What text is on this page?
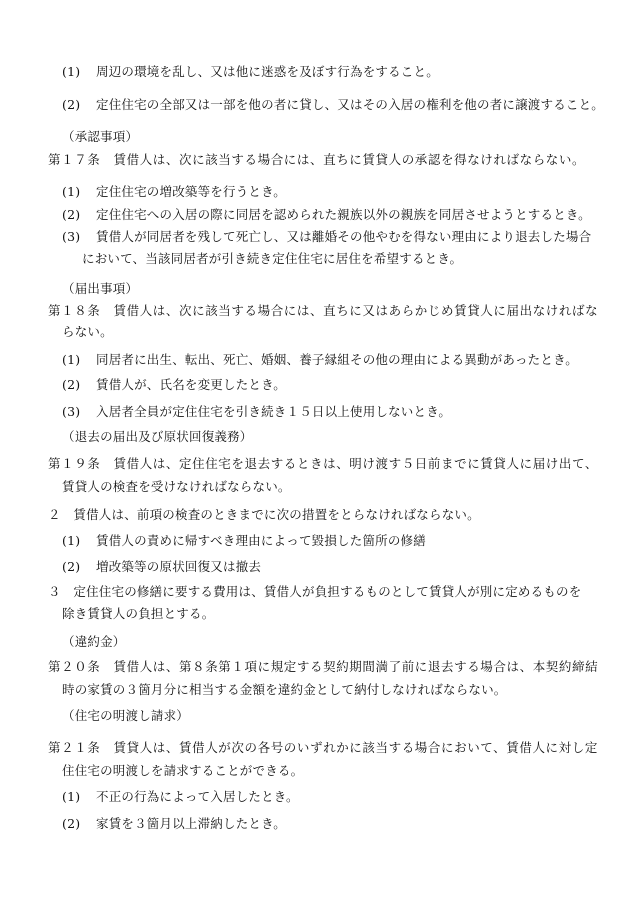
(1) 周辺の環境を乱し、又は他に迷惑を及ぼす行為をすること。
(2) 定住住宅の全部又は一部を他の者に貸し、又はその入居の権利を他の者に譲渡すること。
（承認事項）
第１７条　賃借人は、次に該当する場合には、直ちに賃貸人の承認を得なければならない。
(1) 定住住宅の増改築等を行うとき。
(2) 定住住宅への入居の際に同居を認められた親族以外の親族を同居させようとするとき。
(3) 賃借人が同居者を残して死亡し、又は離婚その他やむを得ない理由により退去した場合
において、当該同居者が引き続き定住住宅に居住を希望するとき。
（届出事項）
第１８条　賃借人は、次に該当する場合には、直ちに又はあらかじめ賃貸人に届出なければな
らない。
(1) 同居者に出生、転出、死亡、婚姻、養子縁組その他の理由による異動があったとき。
(2) 賃借人が、氏名を変更したとき。
(3) 入居者全員が定住住宅を引き続き１５日以上使用しないとき。
（退去の届出及び原状回復義務）
第１９条　賃借人は、定住住宅を退去するときは、明け渡す５日前までに賃貸人に届け出て、
賃貸人の検査を受けなければならない。
２　賃借人は、前項の検査のときまでに次の措置をとらなければならない。
(1) 賃借人の責めに帰すべき理由によって毀損した箇所の修繕
(2) 増改築等の原状回復又は撤去
３　定住住宅の修繕に要する費用は、賃借人が負担するものとして賃貸人が別に定めるものを
除き賃貸人の負担とする。
（違約金）
第２０条　賃借人は、第８条第１項に規定する契約期間満了前に退去する場合は、本契約締結
時の家賃の３箇月分に相当する金額を違約金として納付しなければならない。
（住宅の明渡し請求）
第２１条　賃貸人は、賃借人が次の各号のいずれかに該当する場合において、賃借人に対し定
住住宅の明渡しを請求することができる。
(1) 不正の行為によって入居したとき。
(2) 家賃を３箇月以上滞納したとき。
